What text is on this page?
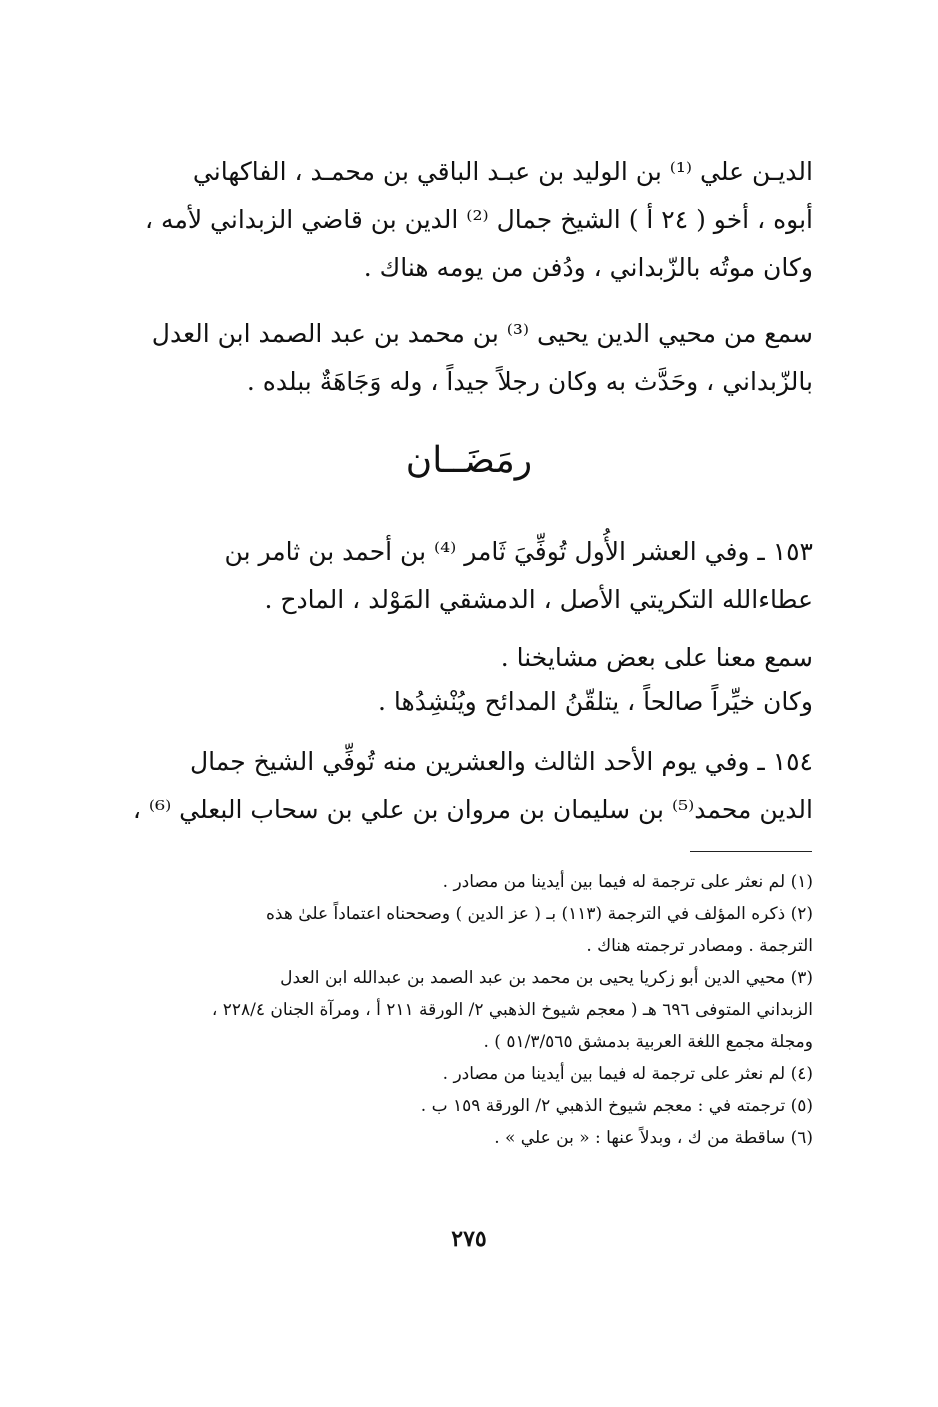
الديـن علي ⁽¹⁾ بن الوليد بن عبـد الباقي بن محمـد ، الفاكهاني
أبوه ، أخو ( ٢٤ أ ) الشيخ جمال ⁽²⁾ الدين بن قاضي الزبداني لأمه ،
وكان موتُه بالزّبداني ، ودُفن من يومه هناك .
سمع من محيي الدين يحيى ⁽³⁾ بن محمد بن عبد الصمد ابن العدل
بالزّبداني ، وحَدَّث به وكان رجلاً جيداً ، وله وَجَاهَةٌ ببلده .
رمَضَــان
١٥٣ ـ وفي العشر الأُول تُوفِّيَ ثَامر ⁽⁴⁾ بن أحمد بن ثامر بن
عطاءالله التكريتي الأصل ، الدمشقي المَوْلد ، المادح .
سمع معنا على بعض مشايخنا .
وكان خيِّراً صالحاً ، يتلقّنُ المدائح ويُنْشِدُها .
١٥٤ ـ وفي يوم الأحد الثالث والعشرين منه تُوفِّي الشيخ جمال
الدين محمد⁽⁵⁾ بن سليمان بن مروان بن علي بن سحاب البعلي ⁽⁶⁾ ،
(١) لم نعثر على ترجمة له فيما بين أيدينا من مصادر .
(٢) ذكره المؤلف في الترجمة (١١٣) بـ ( عز الدين ) وصححناه اعتماداً علىٰ هذه
الترجمة . ومصادر ترجمته هناك .
(٣) محيي الدين أبو زكريا يحيى بن محمد بن عبد الصمد بن عبدالله ابن العدل
الزبداني المتوفى ٦٩٦ هـ ( معجم شيوخ الذهبي ٢/ الورقة ٢١١ أ ، ومرآة الجنان ٢٢٨/٤ ،
ومجلة مجمع اللغة العربية بدمشق ٥١/٣/٥٦٥ ) .
(٤) لم نعثر على ترجمة له فيما بين أيدينا من مصادر .
(٥) ترجمته في : معجم شيوخ الذهبي ٢/ الورقة ١٥٩ ب .
(٦) ساقطة من ك ، وبدلاً عنها : « بن علي » .
٢٧٥
